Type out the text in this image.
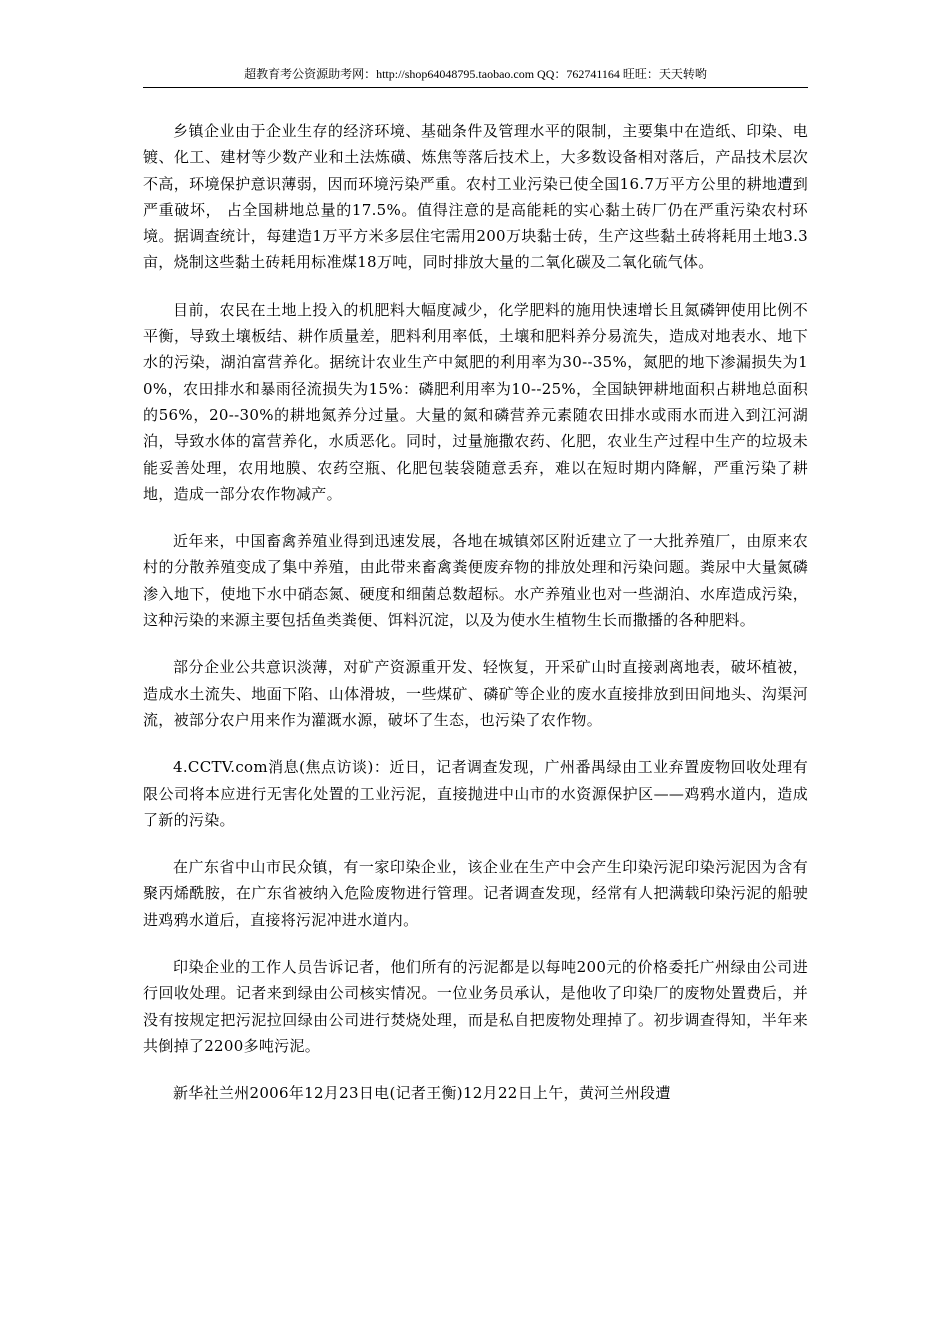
超教育考公资源助考网：http://shop64048795.taobao.com QQ：762741164 旺旺：天天转哟

乡镇企业由于企业生存的经济环境、基础条件及管理水平的限制，主要集中在造纸、印染、电镀、化工、建材等少数产业和土法炼磺、炼焦等落后技术上，大多数设备相对落后，产品技术层次不高，环境保护意识薄弱，因而环境污染严重。农村工业污染已使全国16.7万平方公里的耕地遭到严重破坏， 占全国耕地总量的17.5%。值得注意的是高能耗的实心黏土砖厂仍在严重污染农村环境。据调查统计，每建造1万平方米多层住宅需用200万块黏士砖，生产这些黏土砖将耗用土地3.3亩，烧制这些黏土砖耗用标准煤18万吨，同时排放大量的二氧化碳及二氧化硫气体。

目前，农民在土地上投入的机肥料大幅度减少，化学肥料的施用快速增长且氮磷钾使用比例不平衡，导致土壤板结、耕作质量差，肥料利用率低，土壤和肥料养分易流失，造成对地表水、地下水的污染，湖泊富营养化。据统计农业生产中氮肥的利用率为30--35%，氮肥的地下渗漏损失为10%，农田排水和暴雨径流损失为15%：磷肥利用率为10--25%，全国缺钾耕地面积占耕地总面积的56%，20--30%的耕地氮养分过量。大量的氮和磷营养元素随农田排水或雨水而进入到江河湖泊，导致水体的富营养化，水质恶化。同时，过量施撒农药、化肥，农业生产过程中生产的垃圾未能妥善处理，农用地膜、农药空瓶、化肥包装袋随意丢弃，难以在短时期内降解，严重污染了耕地，造成一部分农作物减产。

近年来，中国畜禽养殖业得到迅速发展，各地在城镇郊区附近建立了一大批养殖厂，由原来农村的分散养殖变成了集中养殖，由此带来畜禽粪便废弃物的排放处理和污染问题。粪尿中大量氮磷渗入地下，使地下水中硝态氮、硬度和细菌总数超标。水产养殖业也对一些湖泊、水库造成污染，这种污染的来源主要包括鱼类粪便、饵料沉淀，以及为使水生植物生长而撒播的各种肥料。

部分企业公共意识淡薄，对矿产资源重开发、轻恢复，开采矿山时直接剥离地表，破坏植被，造成水土流失、地面下陷、山体滑坡，一些煤矿、磷矿等企业的废水直接排放到田间地头、沟渠河流，被部分农户用来作为灌溉水源，破坏了生态，也污染了农作物。

4.CCTV.com消息(焦点访谈)：近日，记者调查发现，广州番禺绿由工业弃置废物回收处理有限公司将本应进行无害化处置的工业污泥，直接抛进中山市的水资源保护区——鸡鸦水道内，造成了新的污染。

在广东省中山市民众镇，有一家印染企业，该企业在生产中会产生印染污泥印染污泥因为含有聚丙烯酰胺，在广东省被纳入危险废物进行管理。记者调查发现，经常有人把满载印染污泥的船驶进鸡鸦水道后，直接将污泥冲进水道内。

印染企业的工作人员告诉记者，他们所有的污泥都是以每吨200元的价格委托广州绿由公司进行回收处理。记者来到绿由公司核实情况。一位业务员承认，是他收了印染厂的废物处置费后，并没有按规定把污泥拉回绿由公司进行焚烧处理，而是私自把废物处理掉了。初步调查得知，半年来共倒掉了2200多吨污泥。

新华社兰州2006年12月23日电(记者王衡)12月22日上午，黄河兰州段遭
